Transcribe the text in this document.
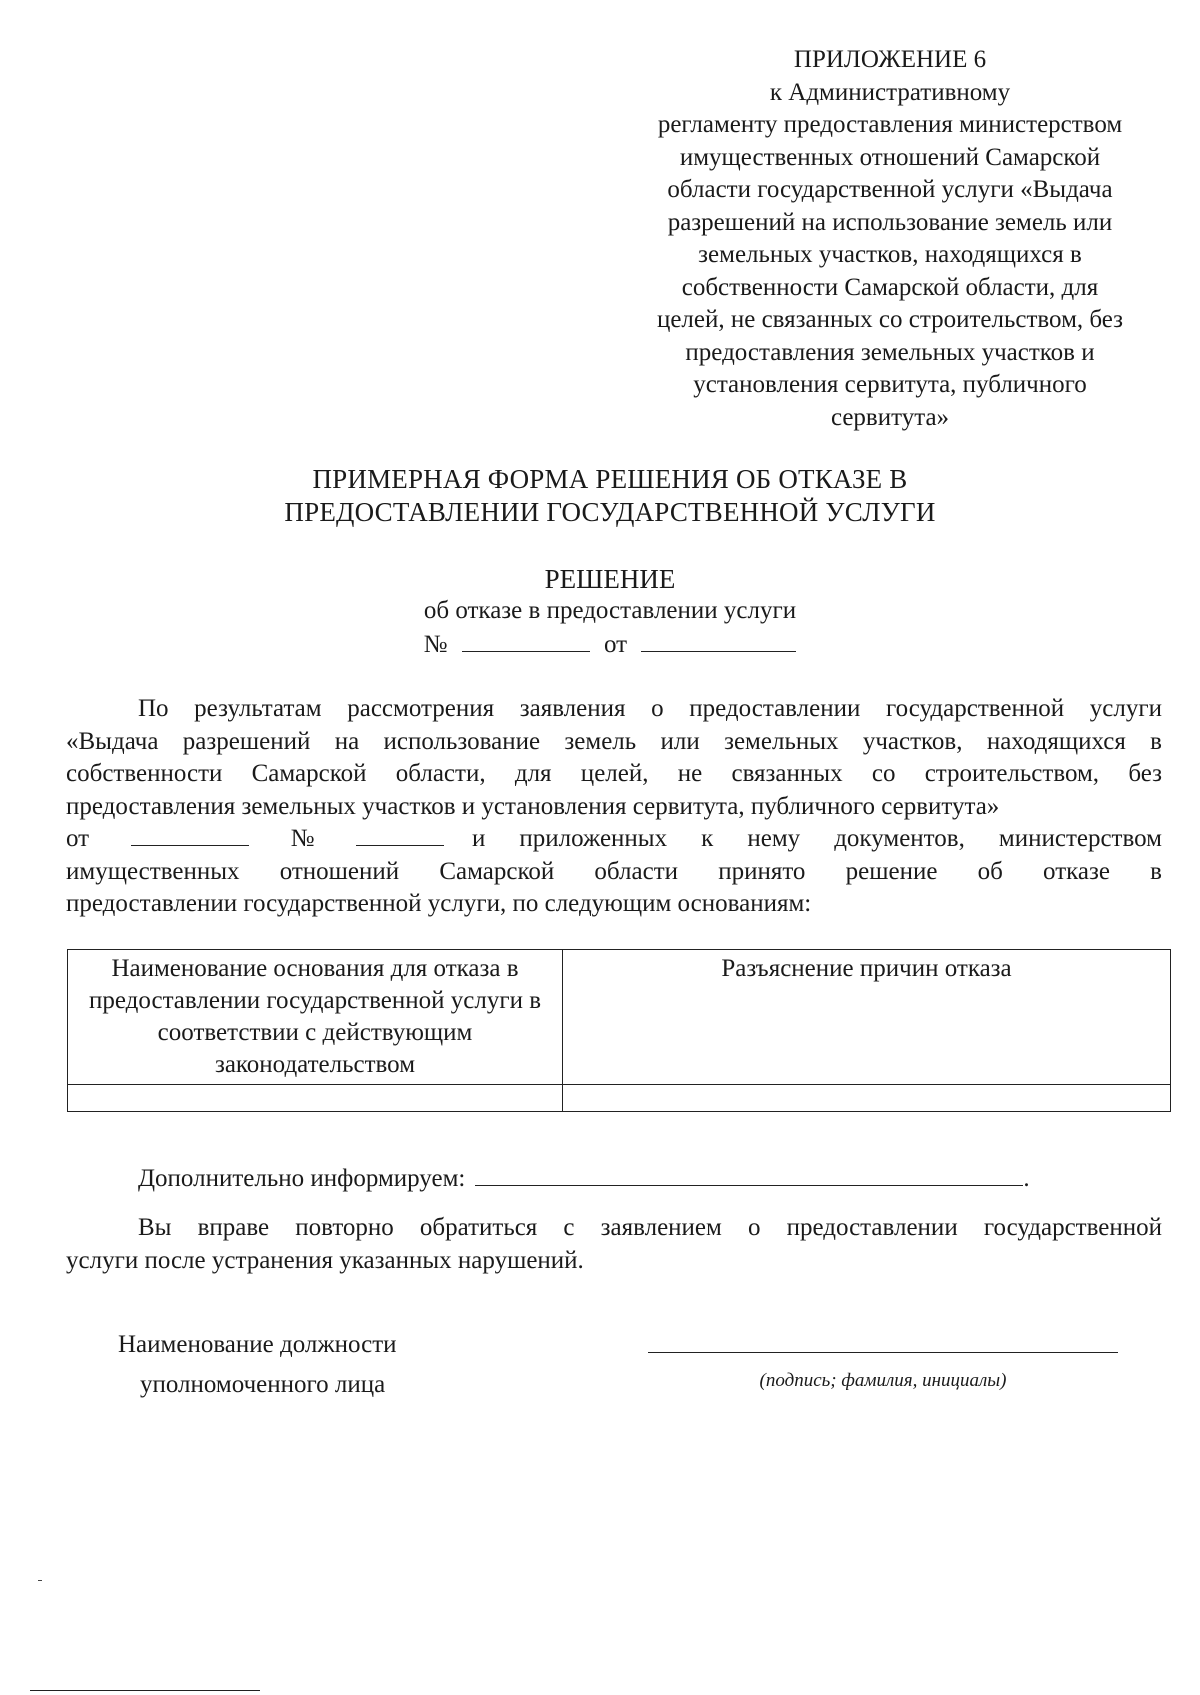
ПРИЛОЖЕНИЕ 6
к Административному
регламенту предоставления министерством
имущественных отношений Самарской
области государственной услуги «Выдача
разрешений на использование земель или
земельных участков, находящихся в
собственности Самарской области, для
целей, не связанных со строительством, без
предоставления земельных участков и
установления сервитута, публичного
сервитута»
ПРИМЕРНАЯ ФОРМА РЕШЕНИЯ ОБ ОТКАЗЕ В
ПРЕДОСТАВЛЕНИИ ГОСУДАРСТВЕННОЙ УСЛУГИ
РЕШЕНИЕ
об отказе в предоставлении услуги
№	от
По результатам рассмотрения заявления о предоставлении государственной услуги
«Выдача разрешений на использование земель или земельных участков, находящихся в
собственности Самарской области, для целей, не связанных со строительством, без
предоставления земельных участков и установления сервитута, публичного сервитута»
от	№	и приложенных к нему документов, министерством
имущественных отношений Самарской области принято решение об отказе в
предоставлении государственной услуги, по следующим основаниям:
Наименование основания для отказа в предоставлении государственной услуги в соответствии с действующим законодательством	Разъяснение причин отказа

Дополнительно информируем:	.
Вы вправе повторно обратиться с заявлением о предоставлении государственной
услуги после устранения указанных нарушений.
Наименование должности
уполномоченного лица	(подпись; фамилия, инициалы)
